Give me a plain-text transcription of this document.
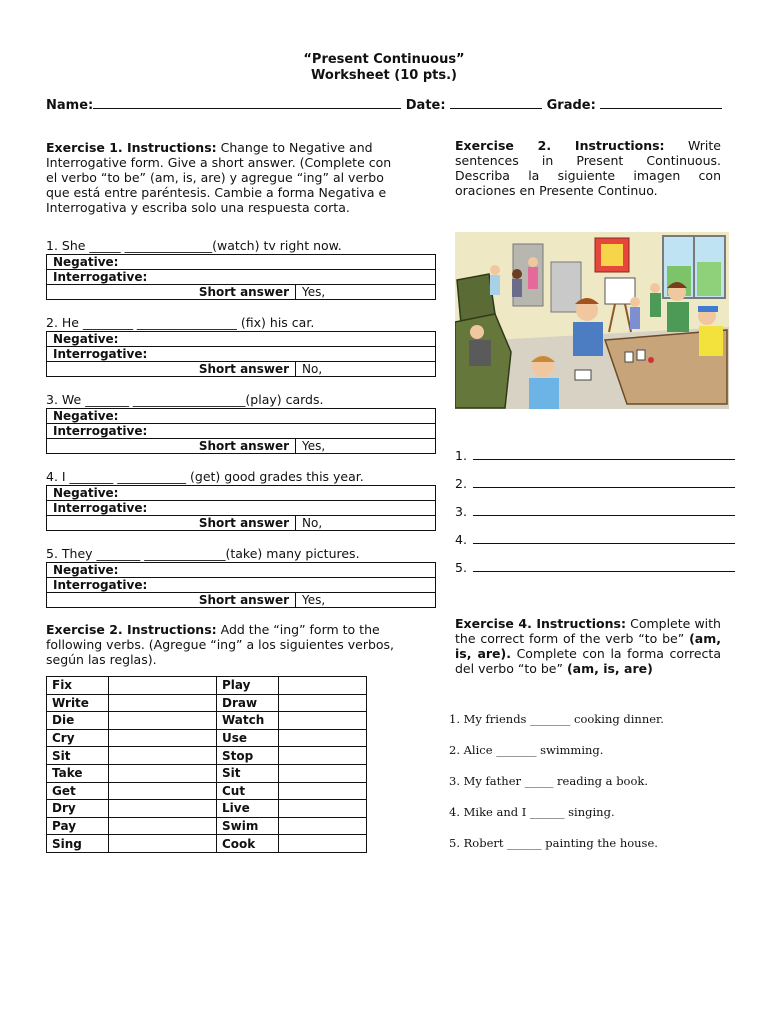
“Present Continuous”
Worksheet (10 pts.)
Name:	Date:	Grade:
Exercise 1. Instructions: Change to Negative and Interrogative form. Give a short answer. (Complete con el verbo “to be” (am, is, are) y agregue “ing” al verbo que está entre paréntesis. Cambie a forma Negativa e Interrogativa y escriba solo una respuesta corta.
1. She _____ ______________(watch) tv right now.
Negative:
Interrogative:
Short answer	Yes,
2. He ________ ________________ (fix) his car.
Negative:
Interrogative:
Short answer	No,
3. We _______ __________________(play) cards.
Negative:
Interrogative:
Short answer	Yes,
4. I _______ ___________ (get) good grades this year.
Negative:
Interrogative:
Short answer	No,
5. They _______ _____________(take) many pictures.
Negative:
Interrogative:
Short answer	Yes,
Exercise 2. Instructions: Add the “ing” form to the following verbs. (Agregue “ing” a los siguientes verbos, según las reglas).
Fix		Play	
Write		Draw	
Die		Watch	
Cry		Use	
Sit		Stop	
Take		Sit	
Get		Cut	
Dry		Live	
Pay		Swim	
Sing		Cook	
Exercise 2. Instructions: Write sentences in Present Continuous. Describa la siguiente imagen con oraciones en Presente Continuo.
1.
2.
3.
4.
5.
Exercise 4. Instructions: Complete with the correct form of the verb “to be” (am, is, are). Complete con la forma correcta del verbo “to be” (am, is, are)
1. My friends _______ cooking dinner.
2. Alice _______ swimming.
3. My father _____ reading a book.
4. Mike and I ______ singing.
5. Robert ______ painting the house.
